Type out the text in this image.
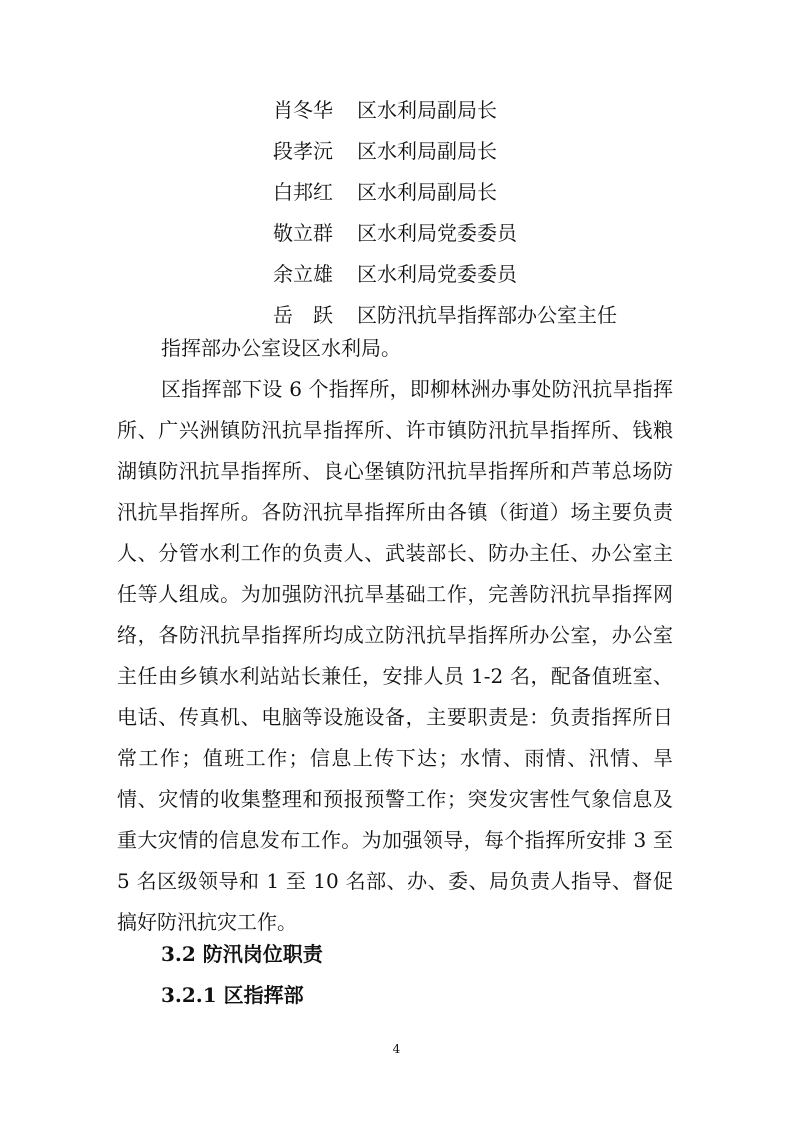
肖冬华 区水利局副局长
段孝沅 区水利局副局长
白邦红 区水利局副局长
敬立群 区水利局党委委员
余立雄 区水利局党委委员
岳　跃 区防汛抗旱指挥部办公室主任

指挥部办公室设区水利局。

区指挥部下设 6 个指挥所，即柳林洲办事处防汛抗旱指挥所、广兴洲镇防汛抗旱指挥所、许市镇防汛抗旱指挥所、钱粮湖镇防汛抗旱指挥所、良心堡镇防汛抗旱指挥所和芦苇总场防汛抗旱指挥所。各防汛抗旱指挥所由各镇（街道）场主要负责人、分管水利工作的负责人、武装部长、防办主任、办公室主任等人组成。为加强防汛抗旱基础工作，完善防汛抗旱指挥网络，各防汛抗旱指挥所均成立防汛抗旱指挥所办公室，办公室主任由乡镇水利站站长兼任，安排人员 1-2 名，配备值班室、电话、传真机、电脑等设施设备，主要职责是：负责指挥所日常工作；值班工作；信息上传下达；水情、雨情、汛情、旱情、灾情的收集整理和预报预警工作；突发灾害性气象信息及重大灾情的信息发布工作。为加强领导，每个指挥所安排 3 至 5 名区级领导和 1 至 10 名部、办、委、局负责人指导、督促搞好防汛抗灾工作。

3.2 防汛岗位职责
3.2.1 区指挥部
4
